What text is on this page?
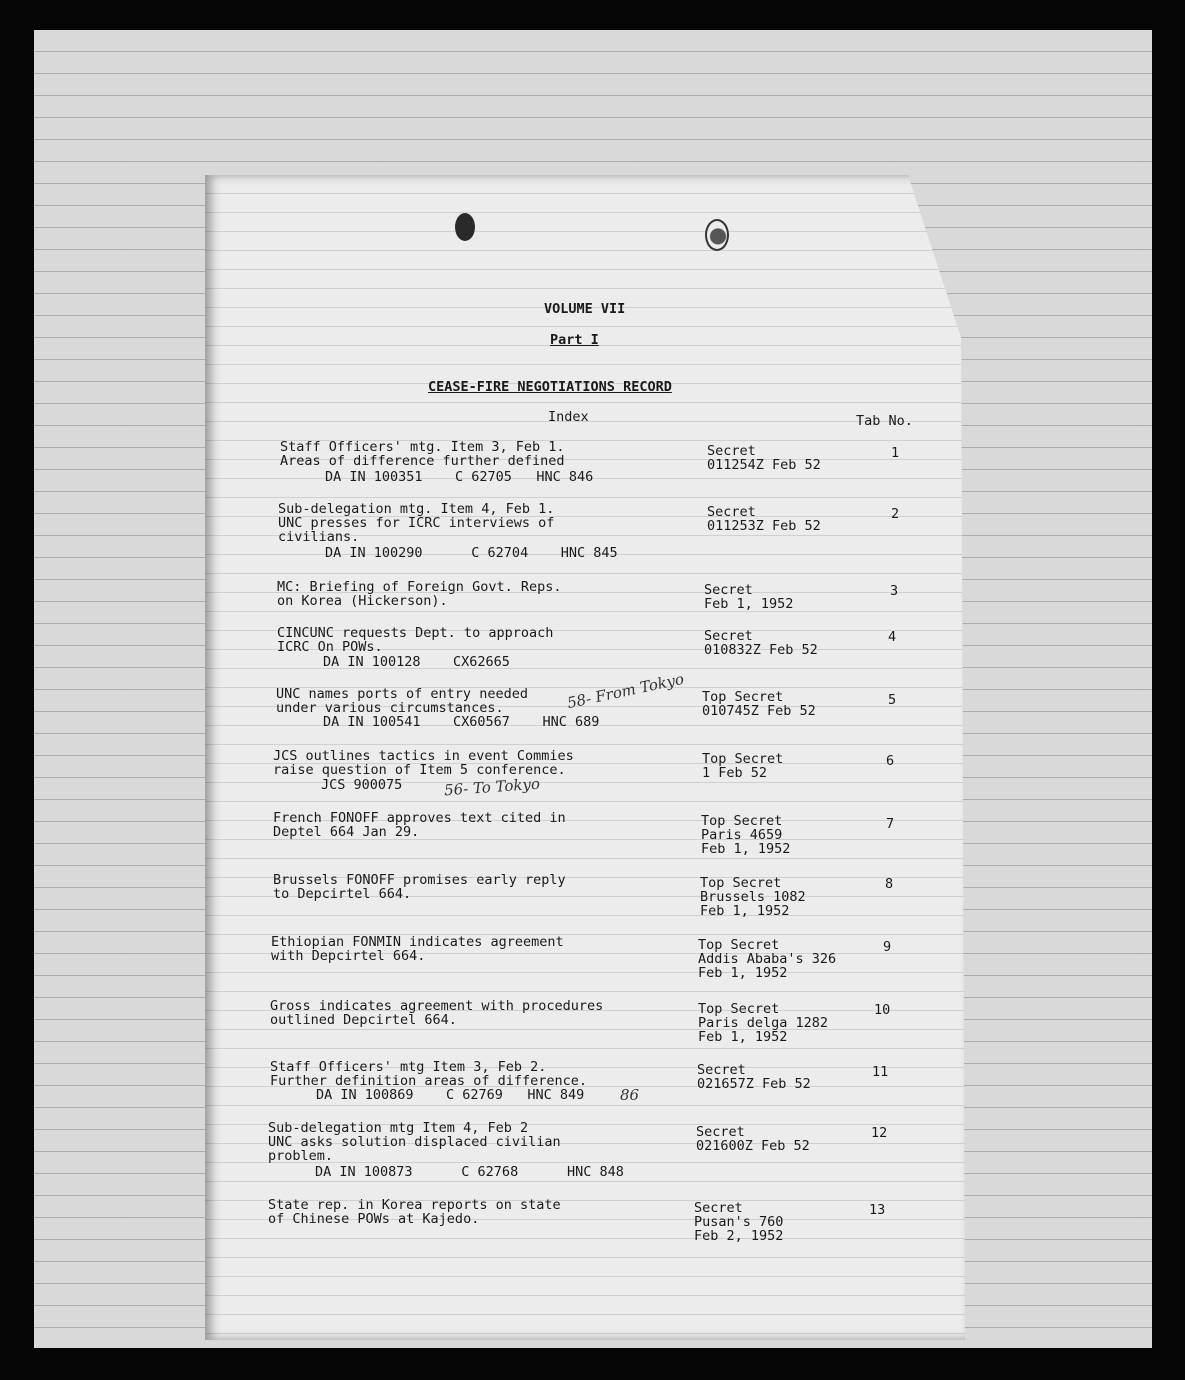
VOLUME VII
Part I
CEASE-FIRE NEGOTIATIONS RECORD
Index	Tab No.
Staff Officers' mtg. Item 3, Feb 1.
Areas of difference further defined
DA IN 100351    C 62705   HNC 846
Secret
011254Z Feb 52
1
Sub-delegation mtg. Item 4, Feb 1.
UNC presses for ICRC interviews of
civilians.
DA IN 100290      C 62704    HNC 845
Secret
011253Z Feb 52
2
MC: Briefing of Foreign Govt. Reps.
on Korea (Hickerson).
Secret
Feb 1, 1952
3
CINCUNC requests Dept. to approach
ICRC On POWs.
DA IN 100128    CX62665
Secret
010832Z Feb 52
4
UNC names ports of entry needed
under various circumstances.
DA IN 100541    CX60567    HNC 689
Top Secret
010745Z Feb 52
5
58- From Tokyo
JCS outlines tactics in event Commies
raise question of Item 5 conference.
JCS 900075
Top Secret
1 Feb 52
6
56- To Tokyo
French FONOFF approves text cited in
Deptel 664 Jan 29.
Top Secret
Paris 4659
Feb 1, 1952
7
Brussels FONOFF promises early reply
to Depcirtel 664.
Top Secret
Brussels 1082
Feb 1, 1952
8
Ethiopian FONMIN indicates agreement
with Depcirtel 664.
Top Secret
Addis Ababa's 326
Feb 1, 1952
9
Gross indicates agreement with procedures
outlined Depcirtel 664.
Top Secret
Paris delga 1282
Feb 1, 1952
10
Staff Officers' mtg Item 3, Feb 2.
Further definition areas of difference.
DA IN 100869    C 62769   HNC 849
Secret
021657Z Feb 52
11
86
Sub-delegation mtg Item 4, Feb 2
UNC asks solution displaced civilian
problem.
DA IN 100873      C 62768      HNC 848
Secret
021600Z Feb 52
12
State rep. in Korea reports on state
of Chinese POWs at Kajedo.
Secret
Pusan's 760
Feb 2, 1952
13
